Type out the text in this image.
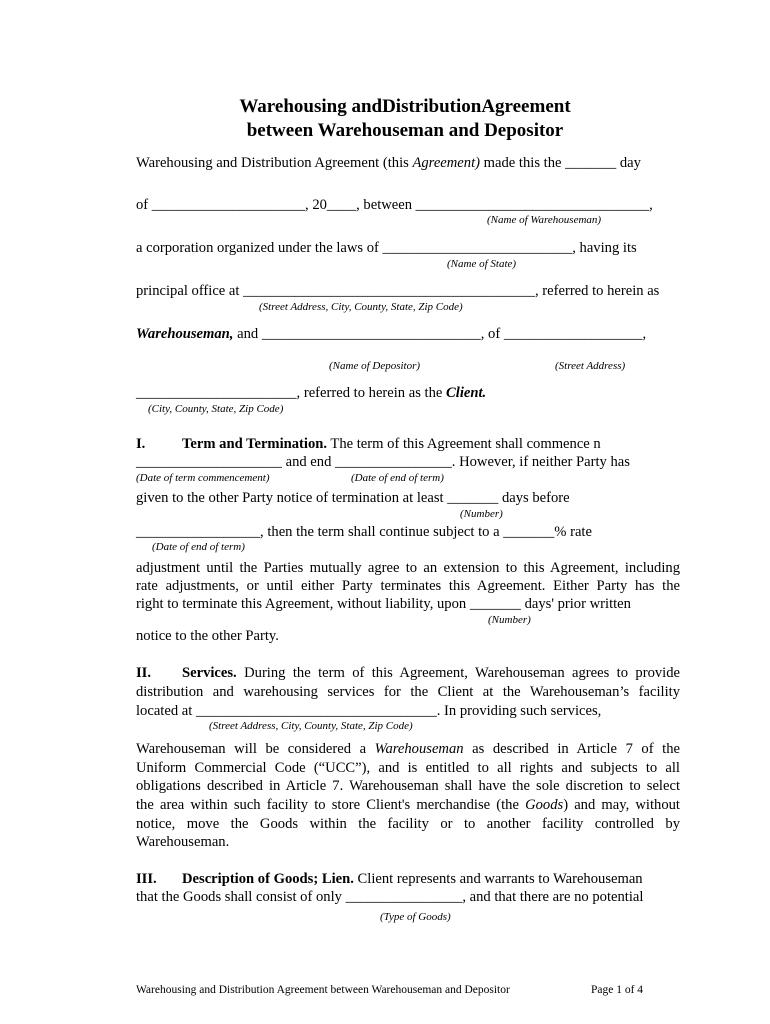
Warehousing andDistributionAgreement
between Warehouseman and Depositor
Warehousing and Distribution Agreement (this Agreement) made this the _______ day
of _____________________, 20____, between ________________________________,
(Name of Warehouseman)
a corporation organized under the laws of __________________________, having its
(Name of State)
principal office at ________________________________________, referred to herein as
(Street Address, City, County, State, Zip Code)
Warehouseman, and ______________________________, of ___________________,
(Name of Depositor)	(Street Address)
______________________, referred to herein as the Client.
(City, County, State, Zip Code)
I.	Term and Termination. The term of this Agreement shall commence n
____________________ and end ________________. However, if neither Party has
(Date of term commencement)	(Date of end of term)
given to the other Party notice of termination at least _______ days before
(Number)
_________________, then the term shall continue subject to a _______% rate
(Date of end of term)
adjustment until the Parties mutually agree to an extension to this Agreement, including
rate adjustments, or until either Party terminates this Agreement. Either Party has the
right to terminate this Agreement, without liability, upon _______ days' prior written
(Number)
notice to the other Party.
II. Services. During the term of this Agreement, Warehouseman agrees to provide
distribution and warehousing services for the Client at the Warehouseman’s facility
located at _________________________________. In providing such services,
(Street Address, City, County, State, Zip Code)
Warehouseman will be considered a Warehouseman as described in Article 7 of the
Uniform Commercial Code (“UCC”), and is entitled to all rights and subjects to all
obligations described in Article 7. Warehouseman shall have the sole discretion to select
the area within such facility to store Client's merchandise (the Goods) and may, without
notice, move the Goods within the facility or to another facility controlled by
Warehouseman.
III. Description of Goods; Lien. Client represents and warrants to Warehouseman
that the Goods shall consist of only ________________, and that there are no potential
(Type of Goods)
Warehousing and Distribution Agreement between Warehouseman and Depositor	Page 1 of 4
